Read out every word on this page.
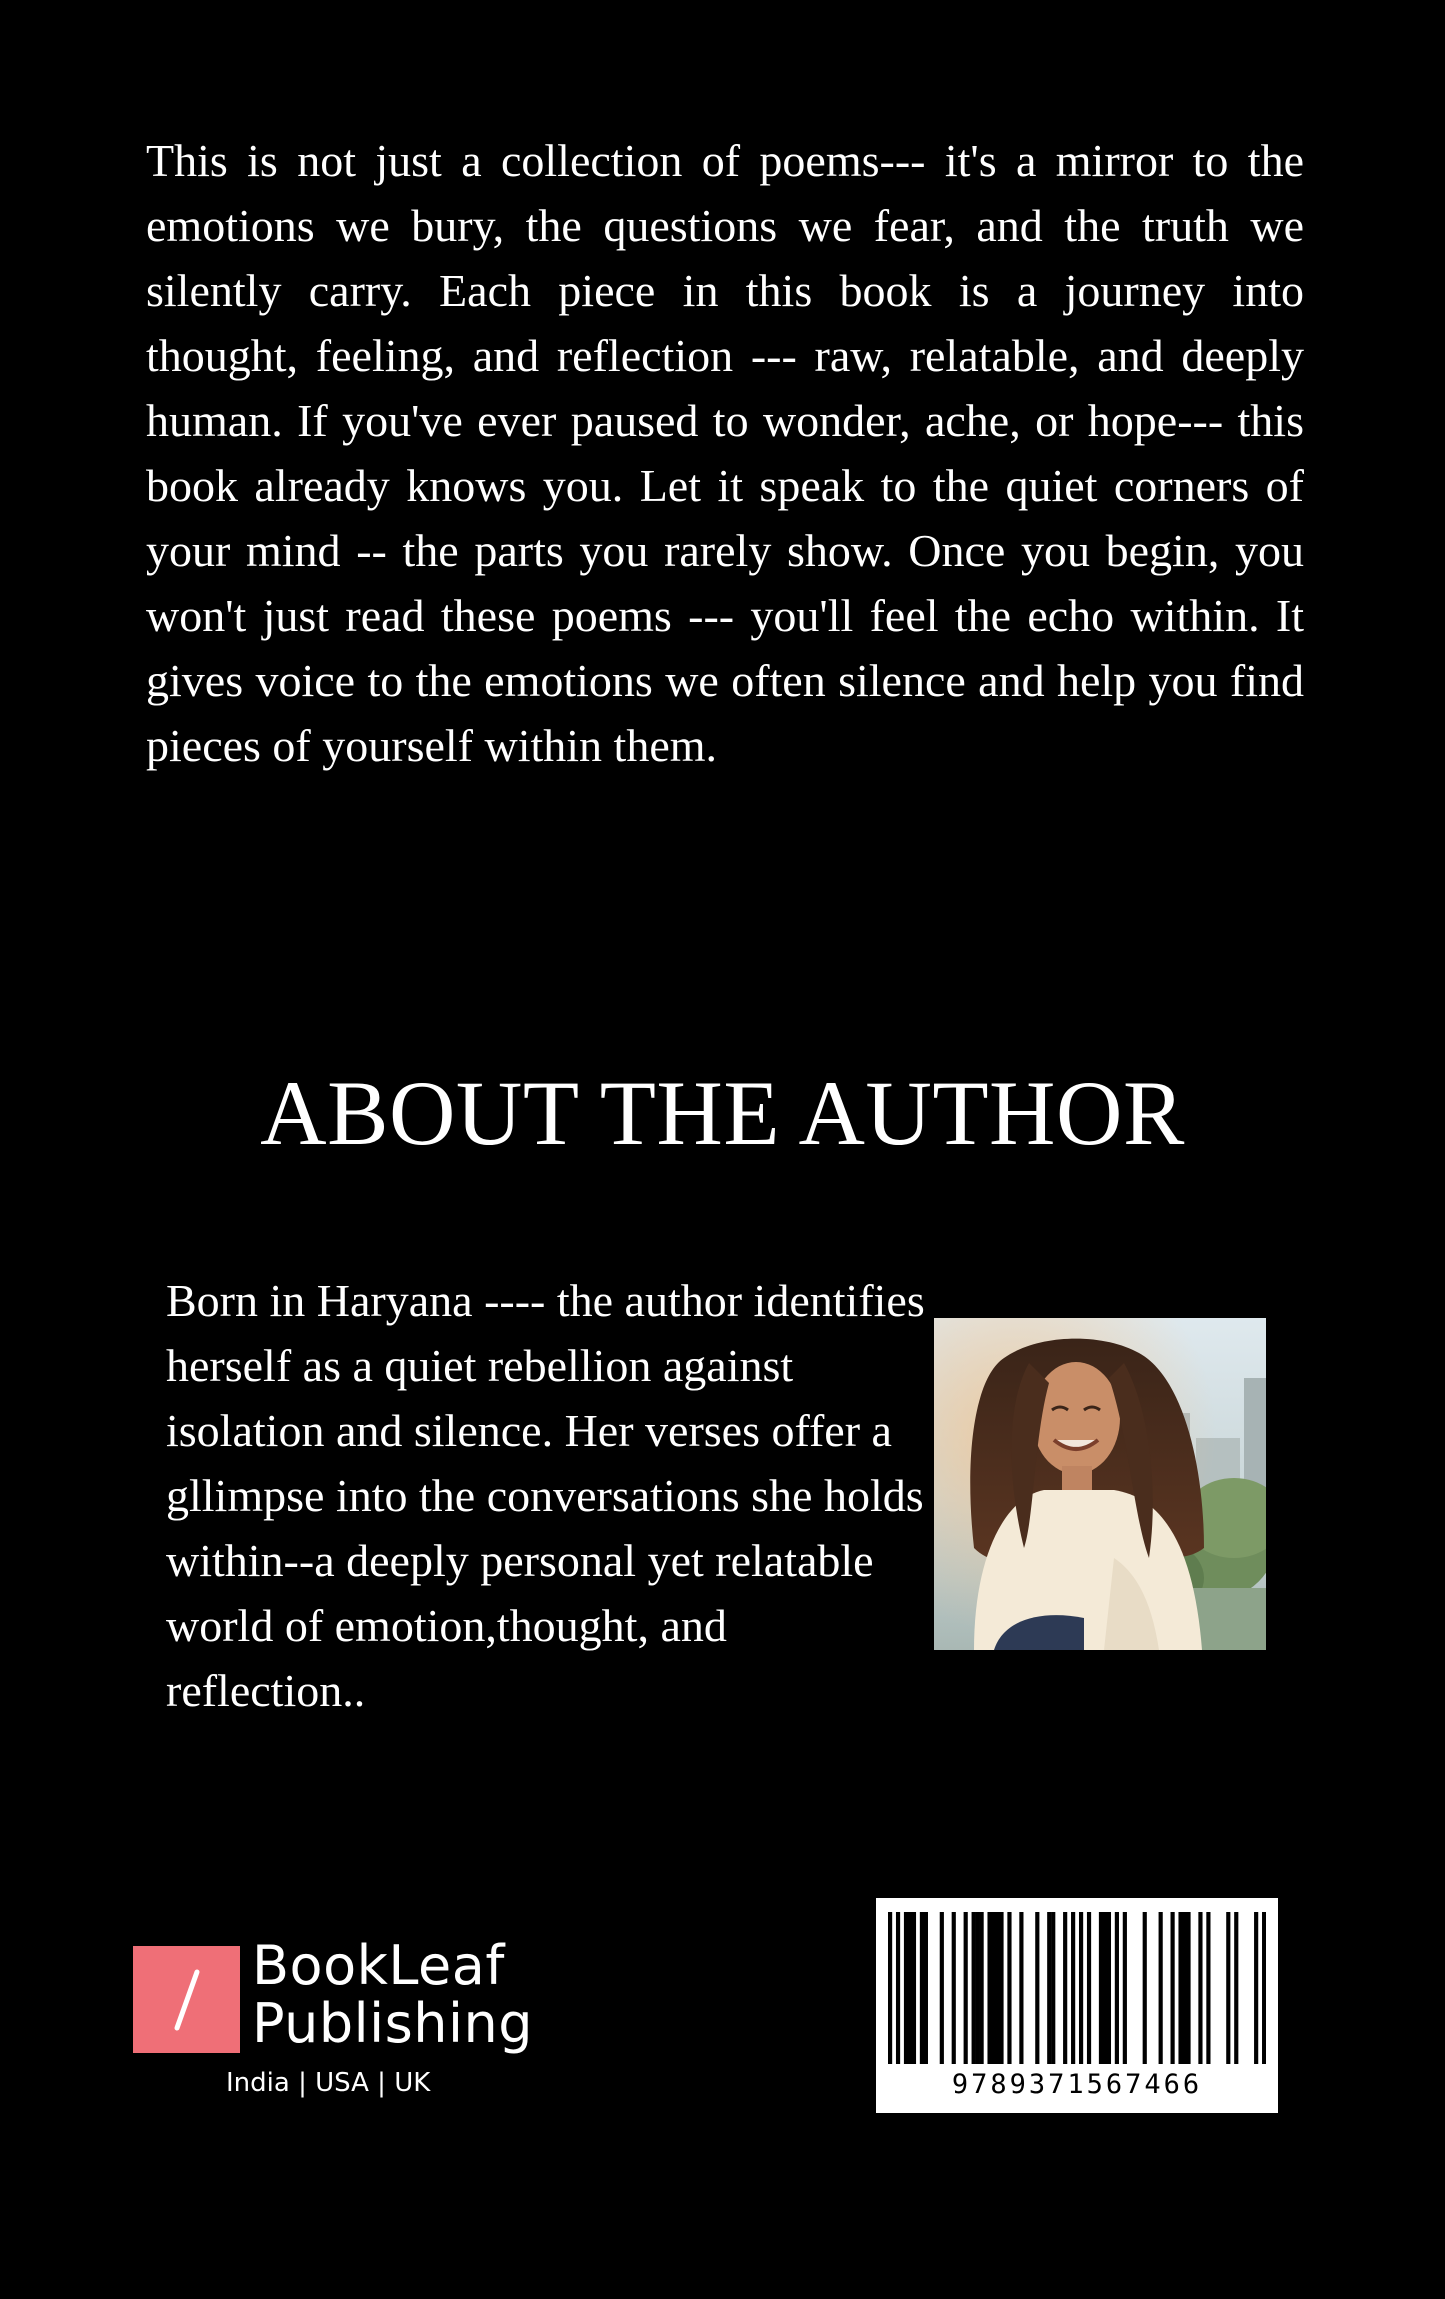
This is not just a collection of poems--- it's a mirror to the emotions we bury, the questions we fear, and the truth we silently carry. Each piece in this book is a journey into thought, feeling, and reflection --- raw, relatable, and deeply human. If you've ever paused to wonder, ache, or hope--- this book already knows you. Let it speak to the quiet corners of your mind -- the parts you rarely show. Once you begin, you won't just read these poems --- you'll feel the echo within. It gives voice to the emotions we often silence and help you find pieces of yourself within them.

ABOUT THE AUTHOR

Born in Haryana ---- the author identifies herself as a quiet rebellion against isolation and silence. Her verses offer a gllimpse into the conversations she holds within--a deeply personal yet relatable world of emotion,thought, and reflection..

BookLeaf
Publishing
India | USA | UK	9789371567466
